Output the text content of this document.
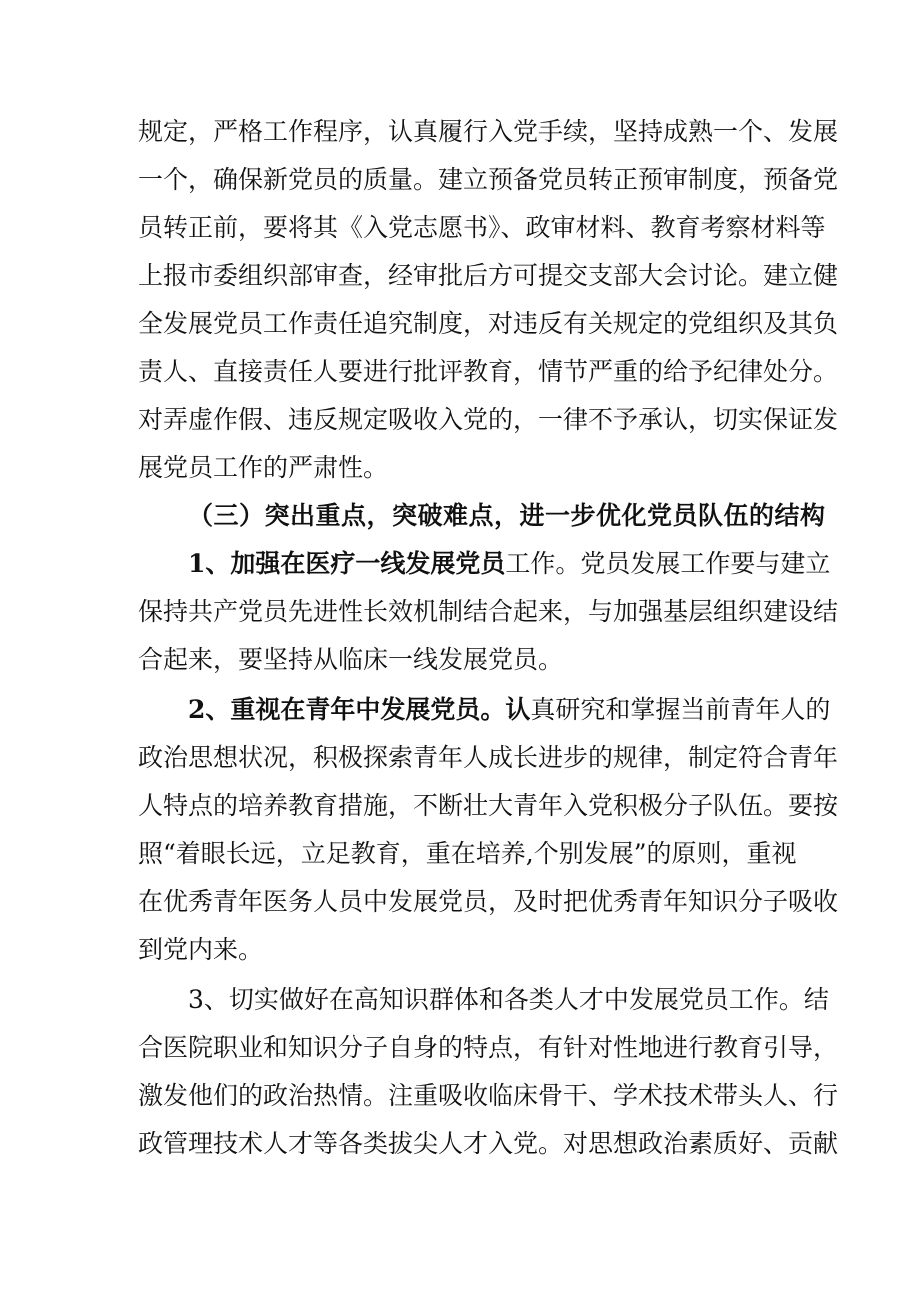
规定，严格工作程序，认真履行入党手续，坚持成熟一个、发展
一个，确保新党员的质量。建立预备党员转正预审制度，预备党
员转正前，要将其《入党志愿书》、政审材料、教育考察材料等
上报市委组织部审查，经审批后方可提交支部大会讨论。建立健
全发展党员工作责任追究制度，对违反有关规定的党组织及其负
责人、直接责任人要进行批评教育，情节严重的给予纪律处分。
对弄虚作假、违反规定吸收入党的，一律不予承认，切实保证发
展党员工作的严肃性。
（三）突出重点，突破难点，进一步优化党员队伍的结构
1、加强在医疗一线发展党员工作。党员发展工作要与建立
保持共产党员先进性长效机制结合起来，与加强基层组织建设结
合起来，要坚持从临床一线发展党员。
2、重视在青年中发展党员。认真研究和掌握当前青年人的
政治思想状况，积极探索青年人成长进步的规律，制定符合青年
人特点的培养教育措施，不断壮大青年入党积极分子队伍。要按
照“着眼长远，立足教育，重在培养,个别发展”的原则，重视
在优秀青年医务人员中发展党员，及时把优秀青年知识分子吸收
到党内来。
3、切实做好在高知识群体和各类人才中发展党员工作。结
合医院职业和知识分子自身的特点，有针对性地进行教育引导，
激发他们的政治热情。注重吸收临床骨干、学术技术带头人、行
政管理技术人才等各类拔尖人才入党。对思想政治素质好、贡献
